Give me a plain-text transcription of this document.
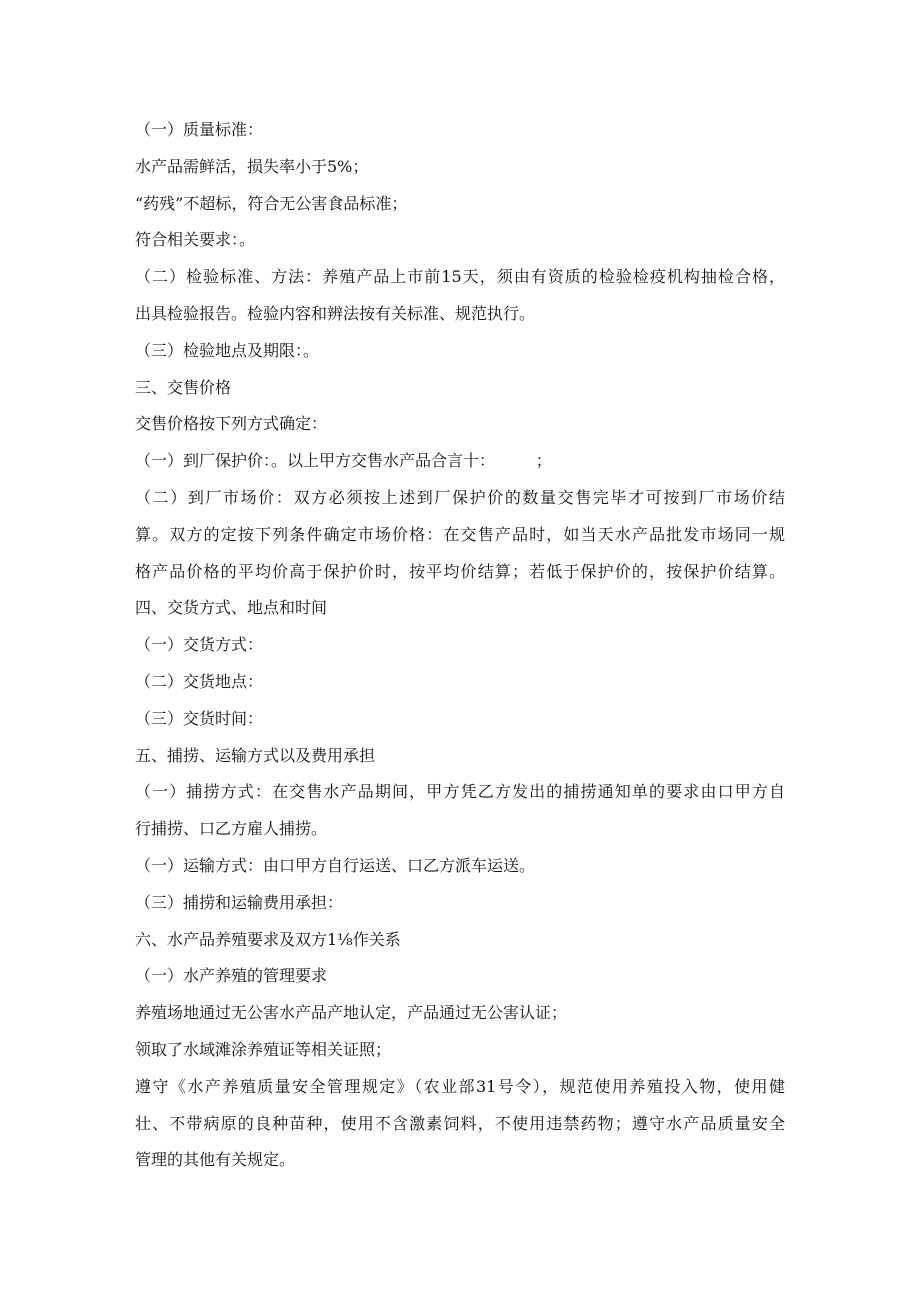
（一）质量标准：
水产品需鲜活，损失率小于5%；
“药残”不超标，符合无公害食品标准；
符合相关要求：。
（二）检验标准、方法：养殖产品上市前15天，须由有资质的检验检疫机构抽检合格，
出具检验报告。检验内容和辨法按有关标准、规范执行。
（三）检验地点及期限：。
三、交售价格
交售价格按下列方式确定：
（一）到厂保护价：。以上甲方交售水产品合言十：        ；
（二）到厂市场价：双方必须按上述到厂保护价的数量交售完毕才可按到厂市场价结
算。双方的定按下列条件确定市场价格：在交售产品时，如当天水产品批发市场同一规
格产品价格的平均价高于保护价时，按平均价结算；若低于保护价的，按保护价结算。
四、交货方式、地点和时间
（一）交货方式：
（二）交货地点：
（三）交货时间：
五、捕捞、运输方式以及费用承担
（一）捕捞方式：在交售水产品期间，甲方凭乙方发出的捕捞通知单的要求由口甲方自
行捕捞、口乙方雇人捕捞。
（一）运输方式：由口甲方自行运送、口乙方派车运送。
（三）捕捞和运输费用承担：
六、水产品养殖要求及双方1⅛作关系
（一）水产养殖的管理要求
养殖场地通过无公害水产品产地认定，产品通过无公害认证；
领取了水域滩涂养殖证等相关证照；
遵守《水产养殖质量安全管理规定》（农业部31号令），规范使用养殖投入物，使用健
壮、不带病原的良种苗种，使用不含激素饲料，不使用违禁药物；遵守水产品质量安全
管理的其他有关规定。
